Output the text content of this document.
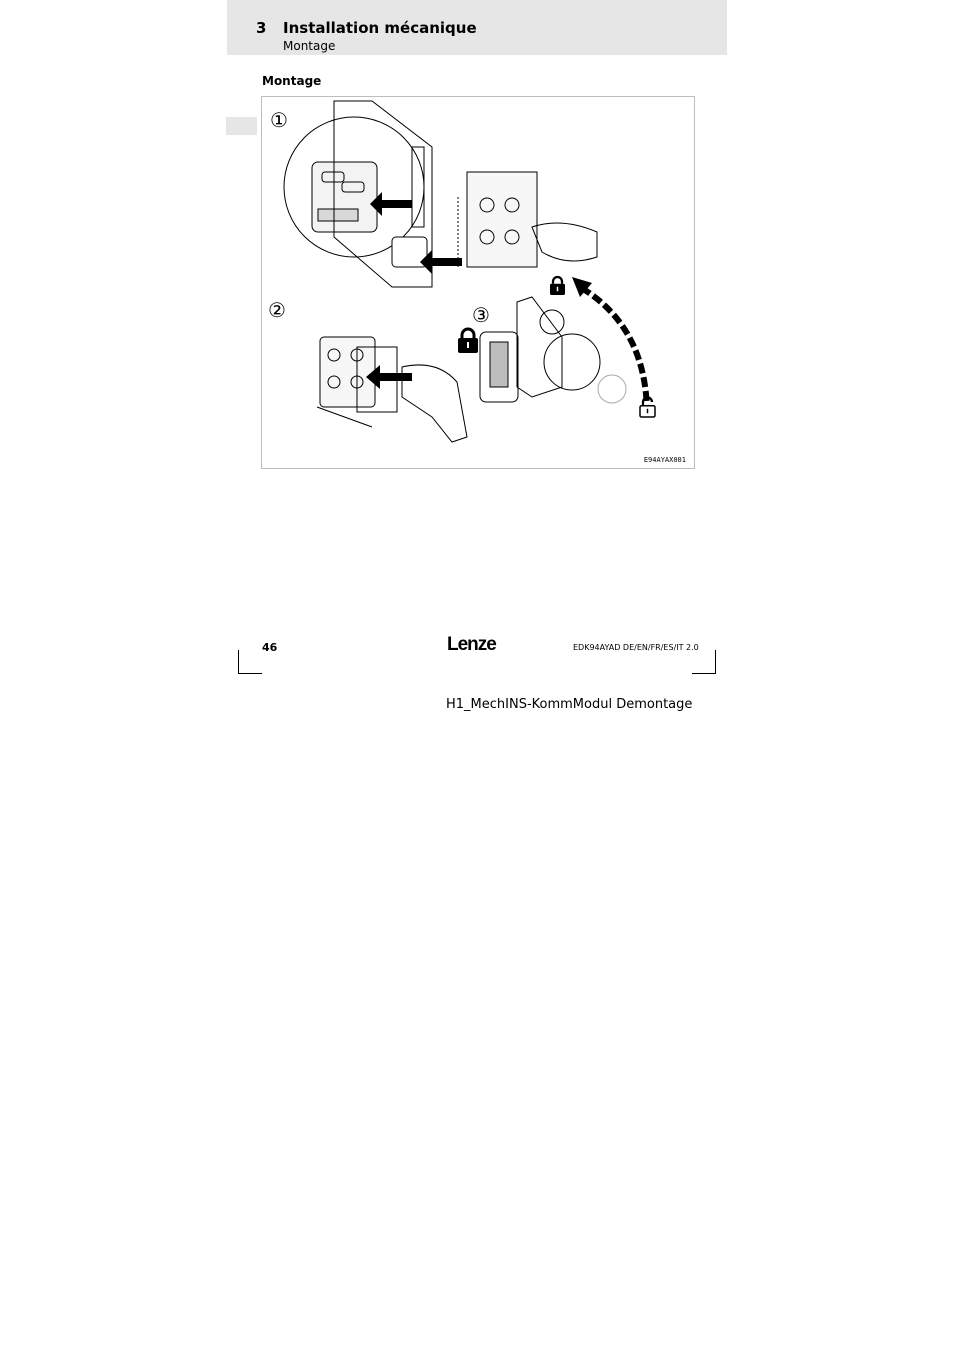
3 Installation mécanique
Montage
Montage
①
②	③
E94AYAX001
46	Lenze	EDK94AYAD DE/EN/FR/ES/IT 2.0
H1_MechINS-KommModul Demontage
